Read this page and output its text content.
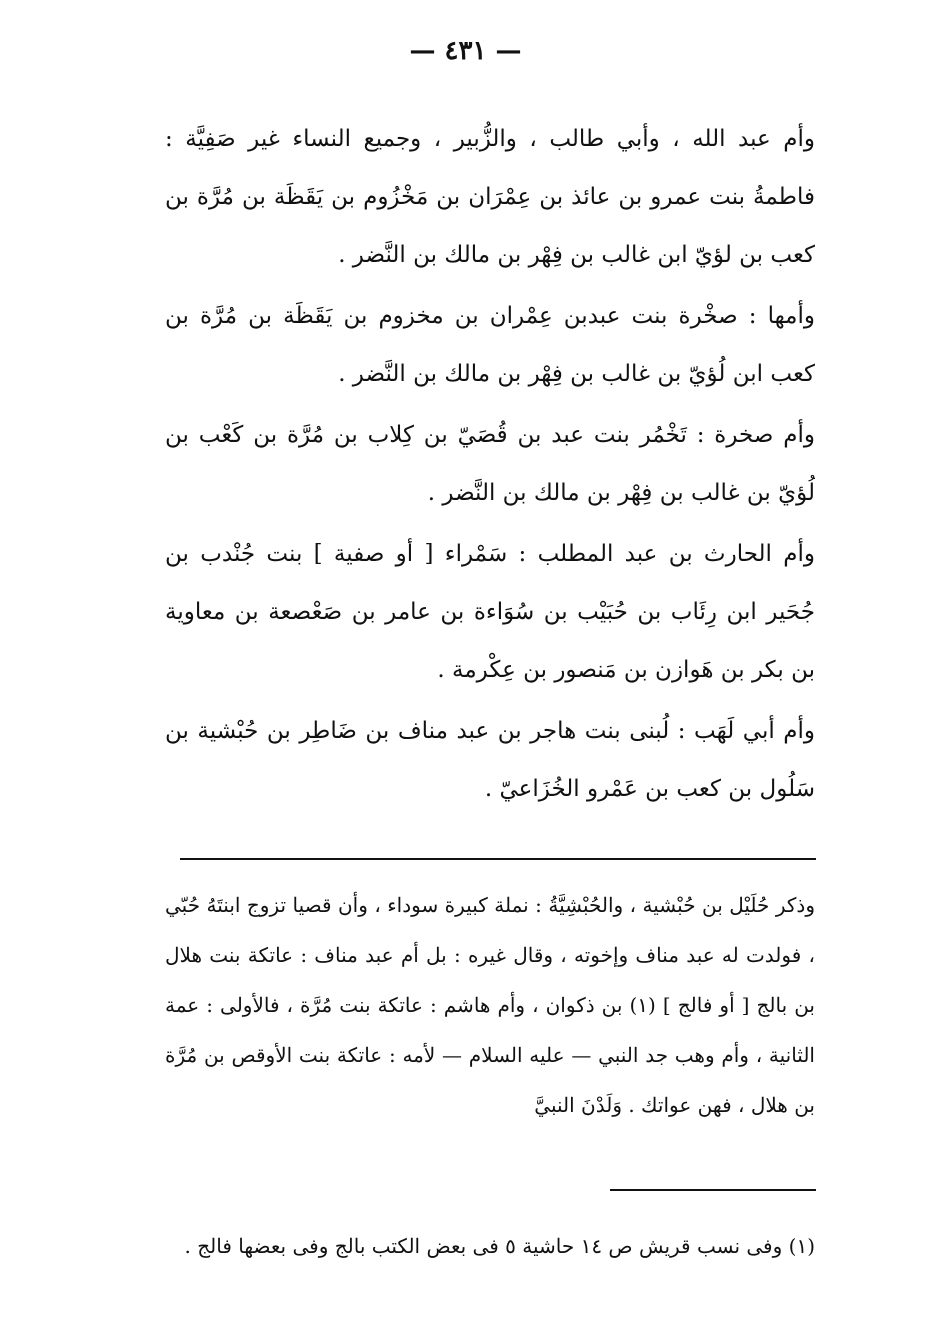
— ٤٣١ —

وأم عبد الله ، وأبي طالب ، والزُّبير ، وجميع النساء غير صَفِيَّة : فاطمةُ بنت عمرو بن عائذ بن عِمْرَان بن مَخْزُوم بن يَقَظَة بن مُرَّة بن كعب بن لؤيّ ابن غالب بن فِهْر بن مالك بن النَّضر .

وأمها : صخْرة بنت عبدبن عِمْران بن مخزوم بن يَقَظَة بن مُرَّة بن كعب ابن لُؤيّ بن غالب بن فِهْر بن مالك بن النَّضر .

وأم صخرة : تَخْمُر بنت عبد بن قُصَيّ بن كِلاب بن مُرَّة بن كَعْب بن لُؤيّ بن غالب بن فِهْر بن مالك بن النَّضر .

وأم الحارث بن عبد المطلب : سَمْراء [ أو صفية ] بنت جُنْدب بن جُحَير ابن رِئَاب بن حُبَيْب بن سُوَاءة بن عامر بن صَعْصعة بن معاوية بن بكر بن هَوازن بن مَنصور بن عِكْرمة .

وأم أبي لَهَب : لُبنى بنت هاجر بن عبد مناف بن ضَاطِر بن حُبْشية بن سَلُول بن كعب بن عَمْرو الخُزَاعيّ .

وذكر حُلَيْل بن حُبْشية ، والحُبْشِيَّةُ : نملة كبيرة سوداء ، وأن قصيا تزوج ابنتَهُ حُبّي ، فولدت له عبد مناف وإخوته ، وقال غيره : بل أم عبد مناف : عاتكة بنت هلال بن بالج [ أو فالج ] (١) بن ذكوان ، وأم هاشم : عاتكة بنت مُرَّة ، فالأولى : عمة الثانية ، وأم وهب جد النبي — عليه السلام — لأمه : عاتكة بنت الأوقص بن مُرَّة بن هلال ، فهن عواتك . وَلَدْنَ النبيَّ

(١) وفى نسب قريش ص ١٤ حاشية ٥ فى بعض الكتب بالج وفى بعضها فالج .
